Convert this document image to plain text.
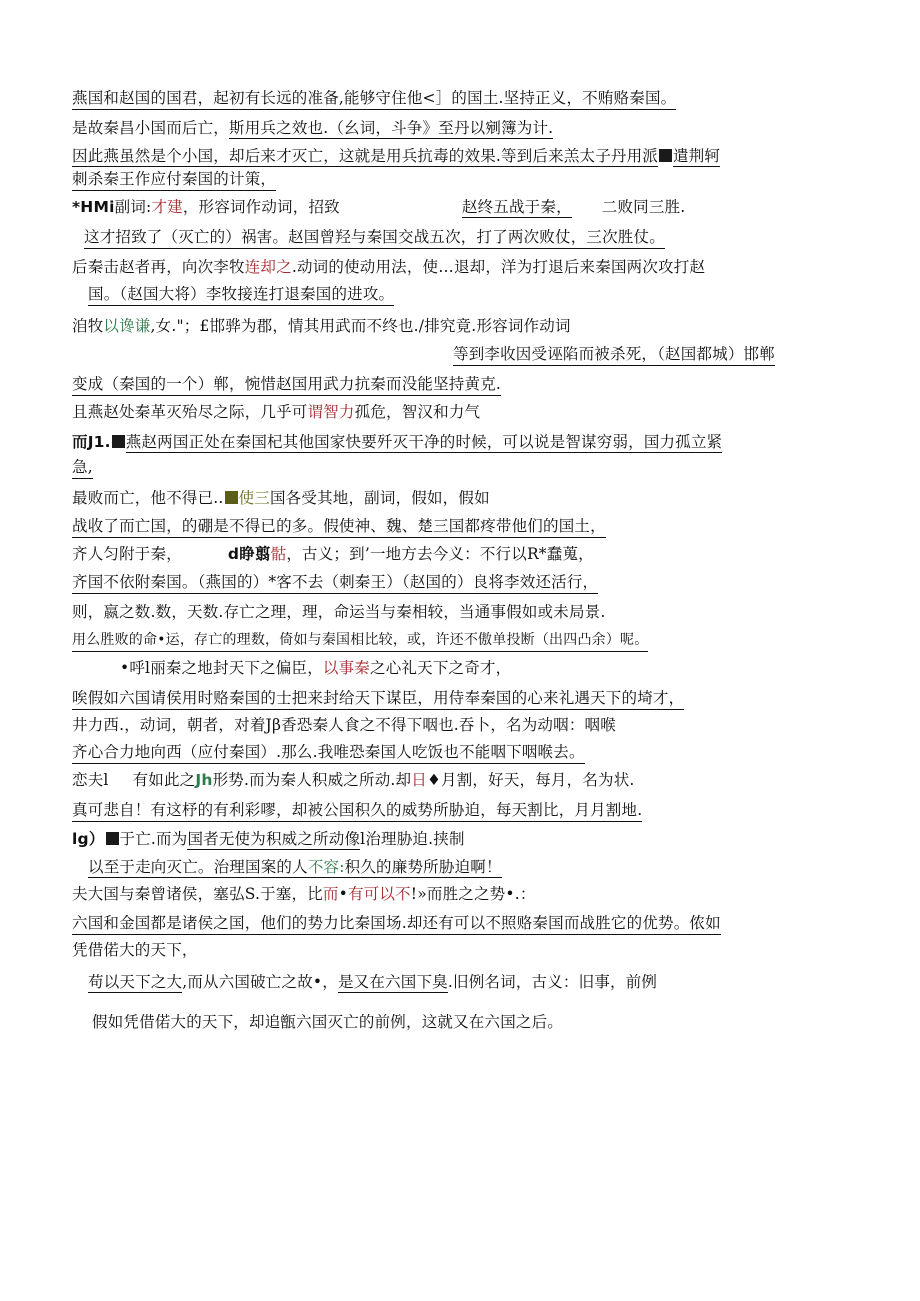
燕国和赵国的国君，起初有长远的准备,能够守住他<］的国土.坚持正义，不贿赂秦国。
是故秦昌小国而后亡，斯用兵之效也.（幺词，斗争》至丹以剜簿为计.
因此燕虽然是个小国，却后来才灭亡，这就是用兵抗毒的效果.等到后来羔太子丹用派 遣荆轲
刺杀秦王作应付秦国的计策，
*HMi副词:才建，形容词作动词，招致	赵终五战于秦， 二败同三胜.
这才招致了（灭亡的）祸害。赵国曾羟与秦国交战五次，打了两次败仗，三次胜仗。
后秦击赵者再，向次李牧连却之.动词的使动用法，使…退却，洋为打退后来秦国两次攻打赵
国。（赵国大将）李牧接连打退秦国的进攻。
洎牧以谗谦,女."；£邯骅为郡，情其用武而不终也./排究竟.形容词作动词
等到李收因受诬陷而被杀死，（赵国都城）邯郸
变成（秦国的一个）郸，惋惜赵国用武力抗秦而没能坚持黄克.
且燕赵处秦革灭殆尽之际，几乎可谓智力孤危，智汉和力气
而J1. 燕赵两国正处在秦国杞其他国家快要歼灭干净的时候，可以说是智谋穷弱，国力孤立紧
急,
最败而亡，他不得已.. 使三国各受其地，副词，假如，假如
战收了而亡国，的硼是不得已的多。假使神、魏、楚三国都疼带他们的国土，
齐人匀附于秦，	d睁翦骷，古义；到’一地方去今义：不行以R*蠢蒐，
齐国不依附秦国。（燕国的）*客不去（刺秦王）（赵国的）良将李效还活行，
则，嬴之数.数，天数.存亡之理，理，命运当与秦相较，当通事假如或未局景.
用么胜败的命•运，存亡的理数，倚如与秦国相比较，或，许还不傲单投断（出四凸余）呢。
•呼l丽秦之地封天下之偏臣，以事秦之心礼天下之奇才，
唉假如六国请侯用时赂秦国的士把来封给天下谋臣，用侍奉秦国的心来礼遇天下的埼才，
井力西.，动词，朝者，对着Jβ香恐秦人食之不得下咽也.吞卜，名为动咽：咽喉
齐心合力地向西（应付秦国）.那么.我唯恐秦国人吃饭也不能咽下咽喉去。
恋夫l 有如此之Jh形势.而为秦人积威之所动.却日♦月割，好天，每月，名为状.
真可悲自！有这杼的有利彩嘐，却被公国积久的威势所胁迫，每天割比，月月割地.
lg） 于亡.而为国者无使为积威之所动像l治理胁迫.挟制
以至于走向灭亡。治理国案的人不容:积久的廉势所胁迫啊！
夫大国与秦曾诸侯，塞弘S.于塞，比而•有可以不!»而胜之之势•.：
六国和金国都是诸侯之国，他们的势力比秦国场.却还有可以不照赂秦国而战胜它的优势。侬如
凭借偌大的天下，
苟以天下之大,而从六国破亡之故•，是又在六国下臭.旧例名词，古义：旧事，前例
假如凭借偌大的天下，却追甑六国灭亡的前例，这就又在六国之后。
